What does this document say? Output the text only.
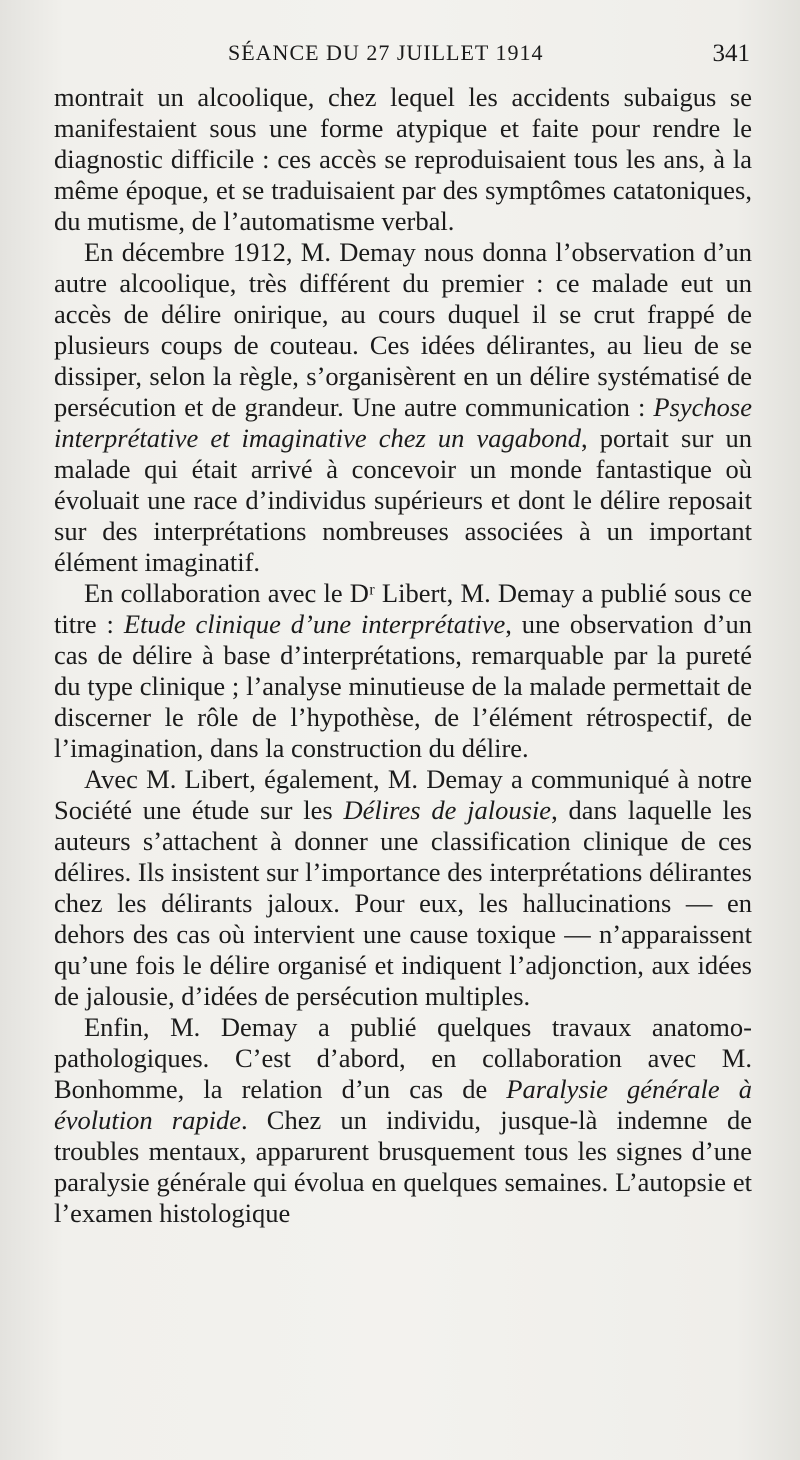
SÉANCE DU 27 JUILLET 1914	341

montrait un alcoolique, chez lequel les accidents subaigus se manifestaient sous une forme atypique et faite pour rendre le diagnostic difficile : ces accès se reproduisaient tous les ans, à la même époque, et se traduisaient par des symptômes catatoniques, du mutisme, de l’automatisme verbal.

En décembre 1912, M. Demay nous donna l’observation d’un autre alcoolique, très différent du premier : ce malade eut un accès de délire onirique, au cours duquel il se crut frappé de plusieurs coups de couteau. Ces idées délirantes, au lieu de se dissiper, selon la règle, s’organisèrent en un délire systématisé de persécution et de grandeur. Une autre communication : Psychose interprétative et imaginative chez un vagabond, portait sur un malade qui était arrivé à concevoir un monde fantastique où évoluait une race d’individus supérieurs et dont le délire reposait sur des interprétations nombreuses associées à un important élément imaginatif.

En collaboration avec le Dʳ Libert, M. Demay a publié sous ce titre : Etude clinique d’une interprétative, une observation d’un cas de délire à base d’interprétations, remarquable par la pureté du type clinique ; l’analyse minutieuse de la malade permettait de discerner le rôle de l’hypothèse, de l’élément rétrospectif, de l’imagination, dans la construction du délire.

Avec M. Libert, également, M. Demay a communiqué à notre Société une étude sur les Délires de jalousie, dans laquelle les auteurs s’attachent à donner une classification clinique de ces délires. Ils insistent sur l’importance des interprétations délirantes chez les délirants jaloux. Pour eux, les hallucinations — en dehors des cas où intervient une cause toxique — n’apparaissent qu’une fois le délire organisé et indiquent l’adjonction, aux idées de jalousie, d’idées de persécution multiples.

Enfin, M. Demay a publié quelques travaux anatomo-pathologiques. C’est d’abord, en collaboration avec M. Bonhomme, la relation d’un cas de Paralysie générale à évolution rapide. Chez un individu, jusque-là indemne de troubles mentaux, apparurent brusquement tous les signes d’une paralysie générale qui évolua en quelques semaines. L’autopsie et l’examen histologique
